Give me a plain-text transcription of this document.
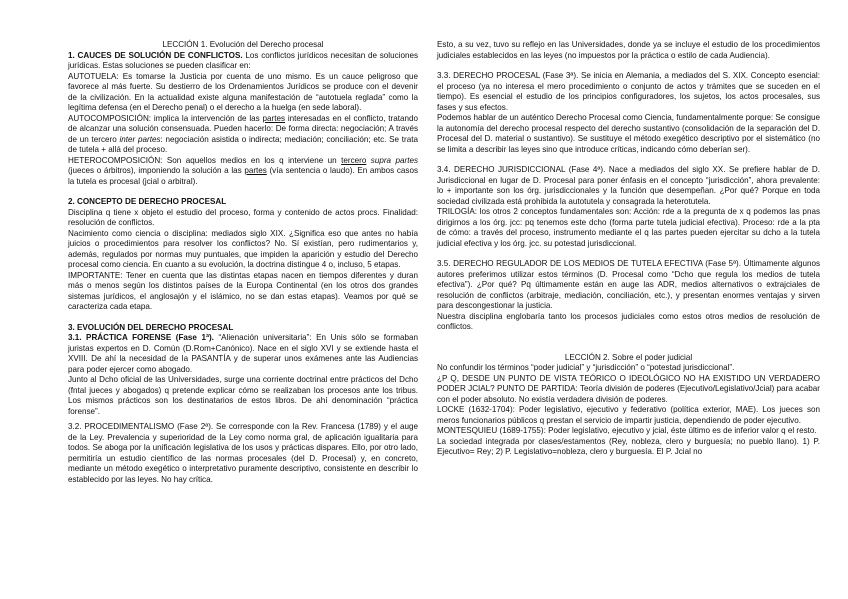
LECCIÓN 1. Evolución del Derecho procesal

1. CAUCES DE SOLUCIÓN DE CONFLICTOS. Los conflictos jurídicos necesitan de soluciones jurídicas. Estas soluciones se pueden clasificar en:

AUTOTUELA: Es tomarse la Justicia por cuenta de uno mismo. Es un cauce peligroso que favorece al más fuerte. Su destierro de los Ordenamientos Jurídicos se produce con el devenir de la civilización. En la actualidad existe alguna manifestación de “autotuela reglada” como la legítima defensa (en el Derecho penal) o el derecho a la huelga (en sede laboral).

AUTOCOMPOSICIÓN: implica la intervención de las partes interesadas en el conflicto, tratando de alcanzar una solución consensuada. Pueden hacerlo: De forma directa: negociación; A través de un tercero inter partes: negociación asistida o indirecta; mediación; conciliación; etc. Se trata de tutela + allá del proceso.

HETEROCOMPOSICIÓN: Son aquellos medios en los q interviene un tercero supra partes (jueces o árbitros), imponiendo la solución a las partes (vía sentencia o laudo). En ambos casos la tutela es procesal (jcial o arbitral).

2. CONCEPTO DE DERECHO PROCESAL

Disciplina q tiene x objeto el estudio del proceso, forma y contenido de actos procs. Finalidad: resolución de conflictos.

Nacimiento como ciencia o disciplina: mediados siglo XIX. ¿Significa eso que antes no había juicios o procedimientos para resolver los conflictos? No. Sí existían, pero rudimentarios y, además, regulados por normas muy puntuales, que impiden la aparición y estudio del Derecho procesal como ciencia. En cuanto a su evolución, la doctrina distingue 4 o, incluso, 5 etapas.

IMPORTANTE: Tener en cuenta que las distintas etapas nacen en tiempos diferentes y duran más o menos según los distintos países de la Europa Continental (en los otros dos grandes sistemas jurídicos, el anglosajón y el islámico, no se dan estas etapas). Veamos por qué se caracteriza cada etapa.

3. EVOLUCIÓN DEL DERECHO PROCESAL

3.1. PRÁCTICA FORENSE (Fase 1ª). “Alienación universitaria”: En Unis sólo se formaban juristas expertos en D. Común (D.Rom+Canónico). Nace en el siglo XVI y se extiende hasta el XVIII. De ahí la necesidad de la PASANTÍA y de superar unos exámenes ante las Audiencias para poder ejercer como abogado.

Junto al Dcho oficial de las Universidades, surge una corriente doctrinal entre prácticos del Dcho (fntal jueces y abogados) q pretende explicar cómo se realizaban los procesos ante los tribus. Los mismos prácticos son los destinatarios de estos libros. De ahí denominación “práctica forense”.

3.2. PROCEDIMENTALISMO (Fase 2ª). Se corresponde con la Rev. Francesa (1789) y el auge de la Ley. Prevalencia y superioridad de la Ley como norma gral, de aplicación igualitaria para todos. Se aboga por la unificación legislativa de los usos y prácticas dispares. Ello, por otro lado, permitiría un estudio científico de las normas procesales (del D. Procesal) y, en concreto, mediante un método exegético o interpretativo puramente descriptivo, consistente en describir lo establecido por las leyes. No hay crítica.

Esto, a su vez, tuvo su reflejo en las Universidades, donde ya se incluye el estudio de los procedimientos judiciales establecidos en las leyes (no impuestos por la práctica o estilo de cada Audiencia).

3.3. DERECHO PROCESAL (Fase 3ª). Se inicia en Alemania, a mediados del S. XIX. Concepto esencial: el proceso (ya no interesa el mero procedimiento o conjunto de actos y trámites que se suceden en el tiempo). Es esencial el estudio de los principios configuradores, los sujetos, los actos procesales, sus fases y sus efectos.

Podemos hablar de un auténtico Derecho Procesal como Ciencia, fundamentalmente porque: Se consigue la autonomía del derecho procesal respecto del derecho sustantivo (consolidación de la separación del D. Procesal del D. material o sustantivo). Se sustituye el método exegético descriptivo por el sistemático (no se limita a describir las leyes sino que introduce críticas, indicando cómo deberían ser).

3.4. DERECHO JURISDICCIONAL (Fase 4ª). Nace a mediados del siglo XX. Se prefiere hablar de D. Jurisdiccional en lugar de D. Procesal para poner énfasis en el concepto “jurisdicción”, ahora prevalente: lo + importante son los órg. jurisdiccionales y la función que desempeñan. ¿Por qué? Porque en toda sociedad civilizada está prohibida la autotutela y consagrada la heterotutela.

TRILOGÍA: los otros 2 conceptos fundamentales son: Acción: rde a la pregunta de x q podemos las pnas dirigirnos a los órg. jcc: pq tenemos este dcho (forma parte tutela judicial efectiva). Proceso: rde a la pta de cómo: a través del proceso, instrumento mediante el q las partes pueden ejercitar su dcho a la tutela judicial efectiva y los órg. jcc. su potestad jurisdiccional.

3.5. DERECHO REGULADOR DE LOS MEDIOS DE TUTELA EFECTIVA (Fase 5ª). Últimamente algunos autores preferimos utilizar estos términos (D. Procesal como “Dcho que regula los medios de tutela efectiva”). ¿Por qué? Pq últimamente están en auge las ADR, medios alternativos o extrajciales de resolución de conflictos (arbitraje, mediación, conciliación, etc.), y presentan enormes ventajas y sirven para descongestionar la justicia.

Nuestra disciplina englobaría tanto los procesos judiciales como estos otros medios de resolución de conflictos.

LECCIÓN 2. Sobre el poder judicial

No confundir los términos “poder judicial” y “jurisdicción” o “potestad jurisdiccional”.

¿P Q, DESDE UN PUNTO DE VISTA TEÓRICO O IDEOLÓGICO NO HA EXISTIDO UN VERDADERO PODER JCIAL? PUNTO DE PARTIDA: Teoría división de poderes (Ejecutivo/Legislativo/Jcial) para acabar con el poder absoluto. No existía verdadera división de poderes.

LOCKE (1632-1704): Poder legislativo, ejecutivo y federativo (política exterior, MAE). Los jueces son meros funcionarios públicos q prestan el servicio de impartir justicia, dependiendo de poder ejecutivo.

MONTESQUIEU (1689-1755): Poder legislativo, ejecutivo y jcial, éste último es de inferior valor q el resto.

La sociedad integrada por clases/estamentos (Rey, nobleza, clero y burguesía; no pueblo llano). 1) P. Ejecutivo= Rey; 2) P. Legislativo=nobleza, clero y burguesía. El P. Jcial no
